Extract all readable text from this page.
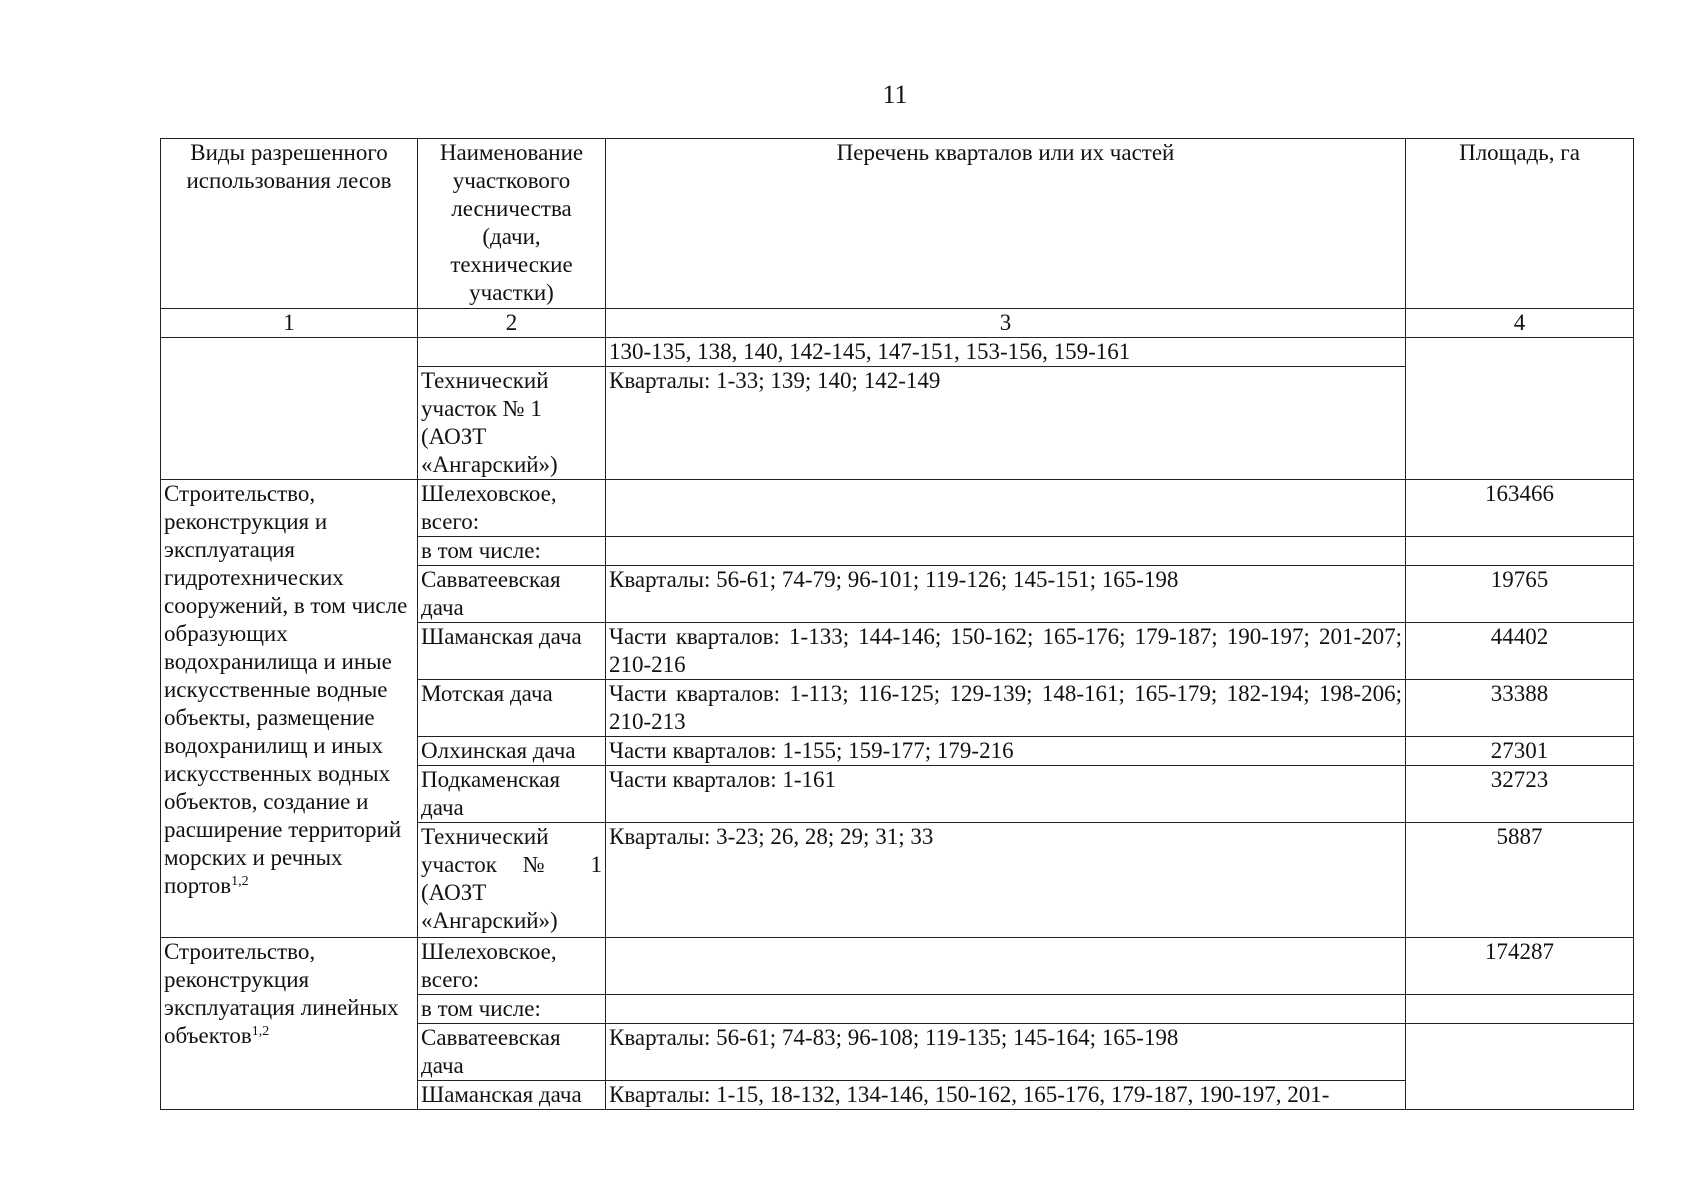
11
Виды разрешенного использования лесов	Наименование участкового лесничества (дачи, технические участки)	Перечень кварталов или их частей	Площадь, га
1	2	3	4
		130-135, 138, 140, 142-145, 147-151, 153-156, 159-161	
	Технический участок № 1 (АОЗТ «Ангарский»)	Кварталы: 1-33; 139; 140; 142-149	
Строительство, реконструкция и эксплуатация гидротехнических сооружений, в том числе образующих водохранилища и иные искусственные водные объекты, размещение водохранилищ и иных искусственных водных объектов, создание и расширение территорий морских и речных портов$^{1,2}$	Шелеховское, всего:		163466
	в том числе:		
	Савватеевская дача	Кварталы: 56-61; 74-79; 96-101; 119-126; 145-151; 165-198	19765
	Шаманская дача	Части кварталов: 1-133; 144-146; 150-162; 165-176; 179-187; 190-197; 201-207; 210-216	44402
	Мотская дача	Части кварталов: 1-113; 116-125; 129-139; 148-161; 165-179; 182-194; 198-206; 210-213	33388
	Олхинская дача	Части кварталов: 1-155; 159-177; 179-216	27301
	Подкаменская дача	Части кварталов: 1-161	32723
	Технический участок № 1 (АОЗТ «Ангарский»)	Кварталы: 3-23; 26, 28; 29; 31; 33	5887
Строительство, реконструкция эксплуатация линейных объектов$^{1,2}$	Шелеховское, всего:		174287
	в том числе:		
	Савватеевская дача	Кварталы: 56-61; 74-83; 96-108; 119-135; 145-164; 165-198	
	Шаманская дача	Кварталы: 1-15, 18-132, 134-146, 150-162, 165-176, 179-187, 190-197, 201-	
